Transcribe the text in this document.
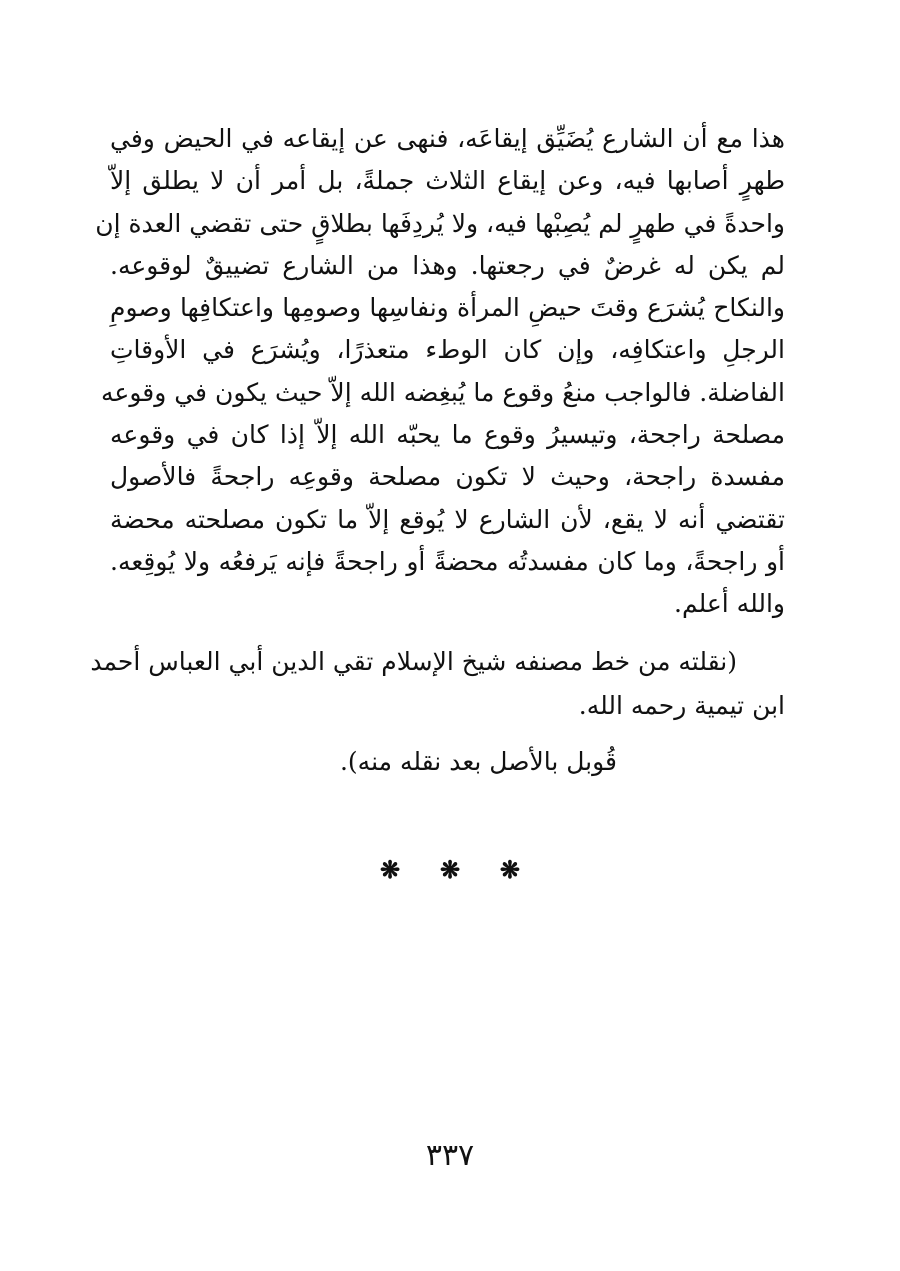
هذا مع أن الشارع يُضَيِّق إيقاعَه، فنهى عن إيقاعه في الحيض وفي
طهرٍ أصابها فيه، وعن إيقاع الثلاث جملةً، بل أمر أن لا يطلق إلاّ
واحدةً في طهرٍ لم يُصِبْها فيه، ولا يُردِفَها بطلاقٍ حتى تقضي العدة إن
لم يكن له غرضٌ في رجعتها. وهذا من الشارع تضييقٌ لوقوعه.
والنكاح يُشرَع وقتَ حيضِ المرأة ونفاسِها وصومِها واعتكافِها وصومِ
الرجلِ واعتكافِه، وإن كان الوطء متعذرًا، ويُشرَع في الأوقاتِ
الفاضلة. فالواجب منعُ وقوع ما يُبغِضه الله إلاّ حيث يكون في وقوعه
مصلحة راجحة، وتيسيرُ وقوع ما يحبّه الله إلاّ إذا كان في وقوعه
مفسدة راجحة، وحيث لا تكون مصلحة وقوعِه راجحةً فالأصول
تقتضي أنه لا يقع، لأن الشارع لا يُوقع إلاّ ما تكون مصلحته محضة
أو راجحةً، وما كان مفسدتُه محضةً أو راجحةً فإنه يَرفعُه ولا يُوقِعه.
والله أعلم.
(نقلته من خط مصنفه شيخ الإسلام تقي الدين أبي العباس أحمد
ابن تيمية رحمه الله.
قُوبل بالأصل بعد نقله منه).
❋ ❋ ❋
٣٣٧
